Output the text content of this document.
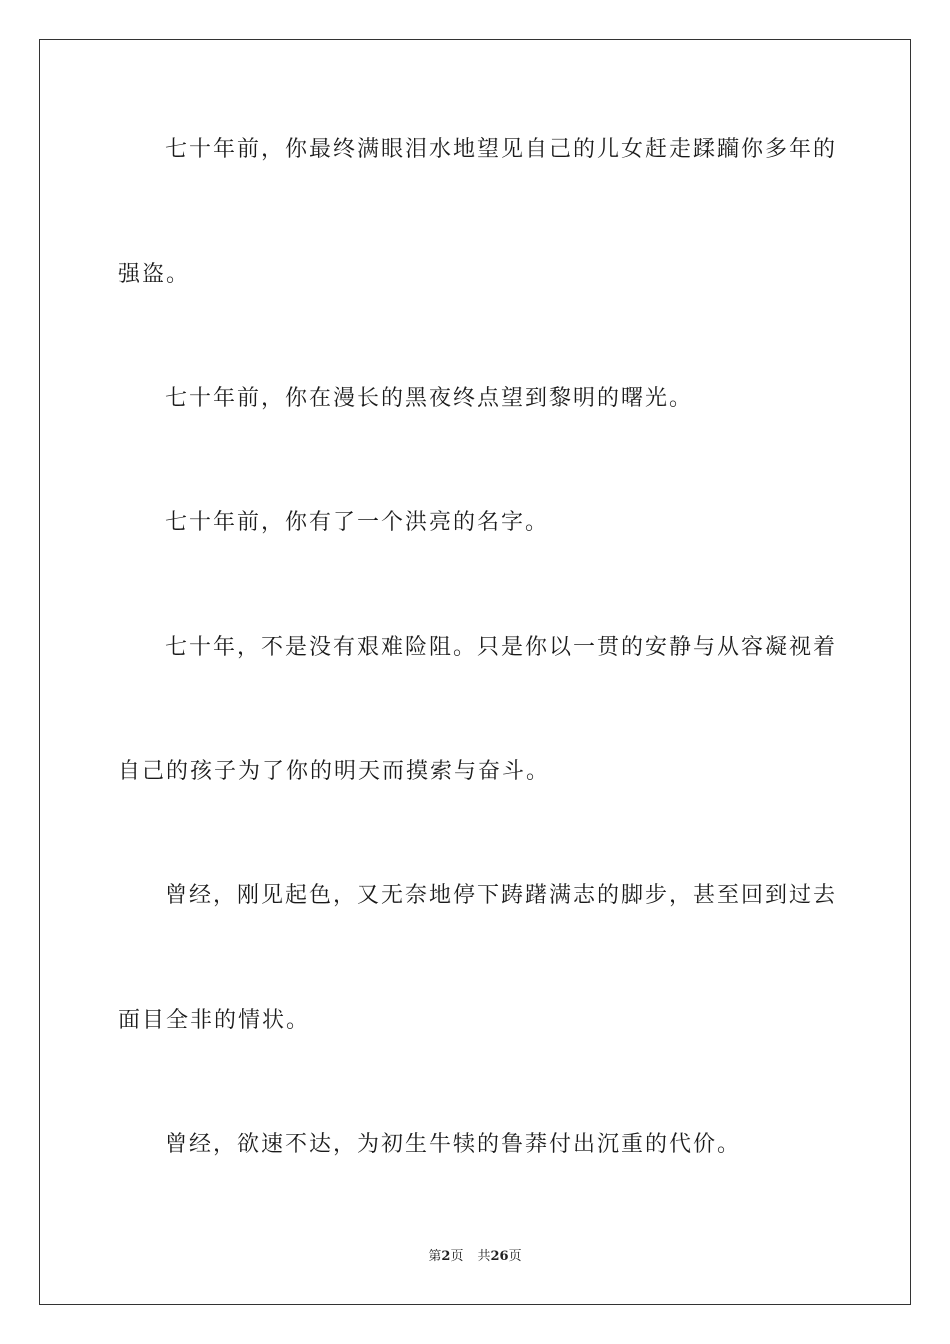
七十年前，你最终满眼泪水地望见自己的儿女赶走蹂躏你多年的

强盗。

七十年前，你在漫长的黑夜终点望到黎明的曙光。

七十年前，你有了一个洪亮的名字。

七十年，不是没有艰难险阻。只是你以一贯的安静与从容凝视着

自己的孩子为了你的明天而摸索与奋斗。

曾经，刚见起色，又无奈地停下踌躇满志的脚步，甚至回到过去

面目全非的情状。

曾经，欲速不达，为初生牛犊的鲁莽付出沉重的代价。

第2页 共26页
